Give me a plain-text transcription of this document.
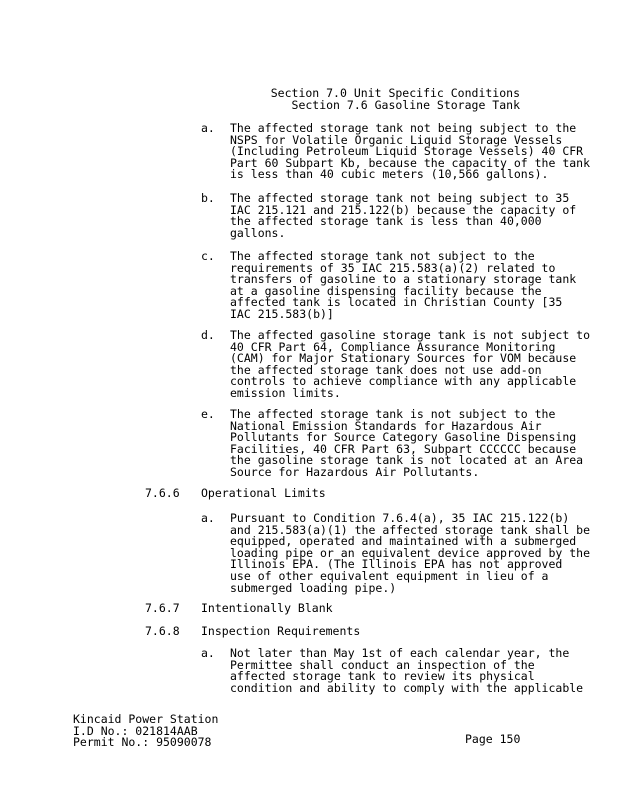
Section 7.0 Unit Specific Conditions
Section 7.6 Gasoline Storage Tank
a. The affected storage tank not being subject to the
NSPS for Volatile Organic Liquid Storage Vessels
(Including Petroleum Liquid Storage Vessels) 40 CFR
Part 60 Subpart Kb, because the capacity of the tank
is less than 40 cubic meters (10,566 gallons).
b. The affected storage tank not being subject to 35
IAC 215.121 and 215.122(b) because the capacity of
the affected storage tank is less than 40,000
gallons.
c. The affected storage tank not subject to the
requirements of 35 IAC 215.583(a)(2) related to
transfers of gasoline to a stationary storage tank
at a gasoline dispensing facility because the
affected tank is located in Christian County [35
IAC 215.583(b)]
d. The affected gasoline storage tank is not subject to
40 CFR Part 64, Compliance Assurance Monitoring
(CAM) for Major Stationary Sources for VOM because
the affected storage tank does not use add-on
controls to achieve compliance with any applicable
emission limits.
e. The affected storage tank is not subject to the
National Emission Standards for Hazardous Air
Pollutants for Source Category Gasoline Dispensing
Facilities, 40 CFR Part 63, Subpart CCCCCC because
the gasoline storage tank is not located at an Area
Source for Hazardous Air Pollutants.
7.6.6 Operational Limits
a. Pursuant to Condition 7.6.4(a), 35 IAC 215.122(b)
and 215.583(a)(1) the affected storage tank shall be
equipped, operated and maintained with a submerged
loading pipe or an equivalent device approved by the
Illinois EPA. (The Illinois EPA has not approved
use of other equivalent equipment in lieu of a
submerged loading pipe.)
7.6.7 Intentionally Blank
7.6.8 Inspection Requirements
a. Not later than May 1st of each calendar year, the
Permittee shall conduct an inspection of the
affected storage tank to review its physical
condition and ability to comply with the applicable
Kincaid Power Station
I.D No.: 021814AAB
Permit No.: 95090078	Page 150
